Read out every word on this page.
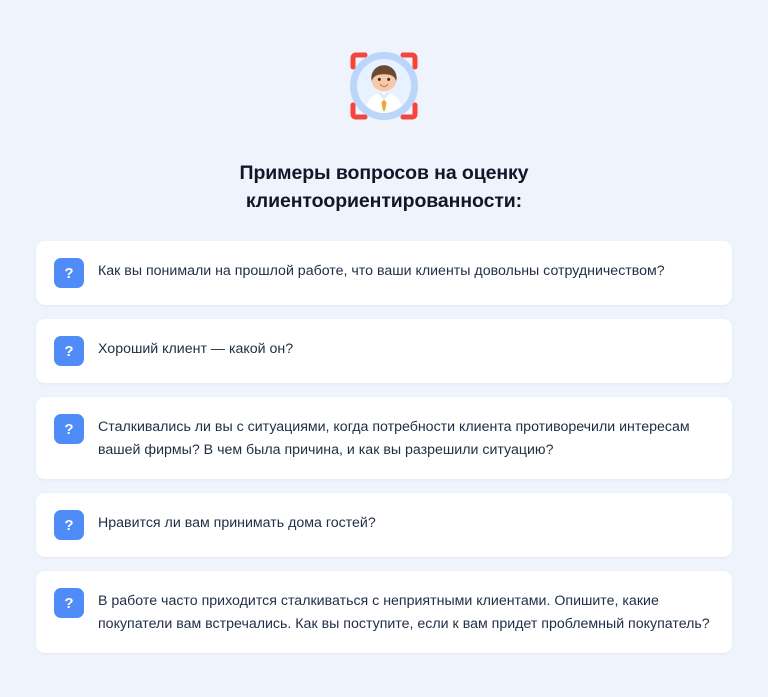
Примеры вопросов на оценку
клиентоориентированности:
?	Как вы понимали на прошлой работе, что ваши клиенты довольны сотрудничеством?
?	Хороший клиент — какой он?
?	Сталкивались ли вы с ситуациями, когда потребности клиента противоречили интересам вашей фирмы? В чем была причина, и как вы разрешили ситуацию?
?	Нравится ли вам принимать дома гостей?
?	В работе часто приходится сталкиваться с неприятными клиентами. Опишите, какие покупатели вам встречались. Как вы поступите, если к вам придет проблемный покупатель?
